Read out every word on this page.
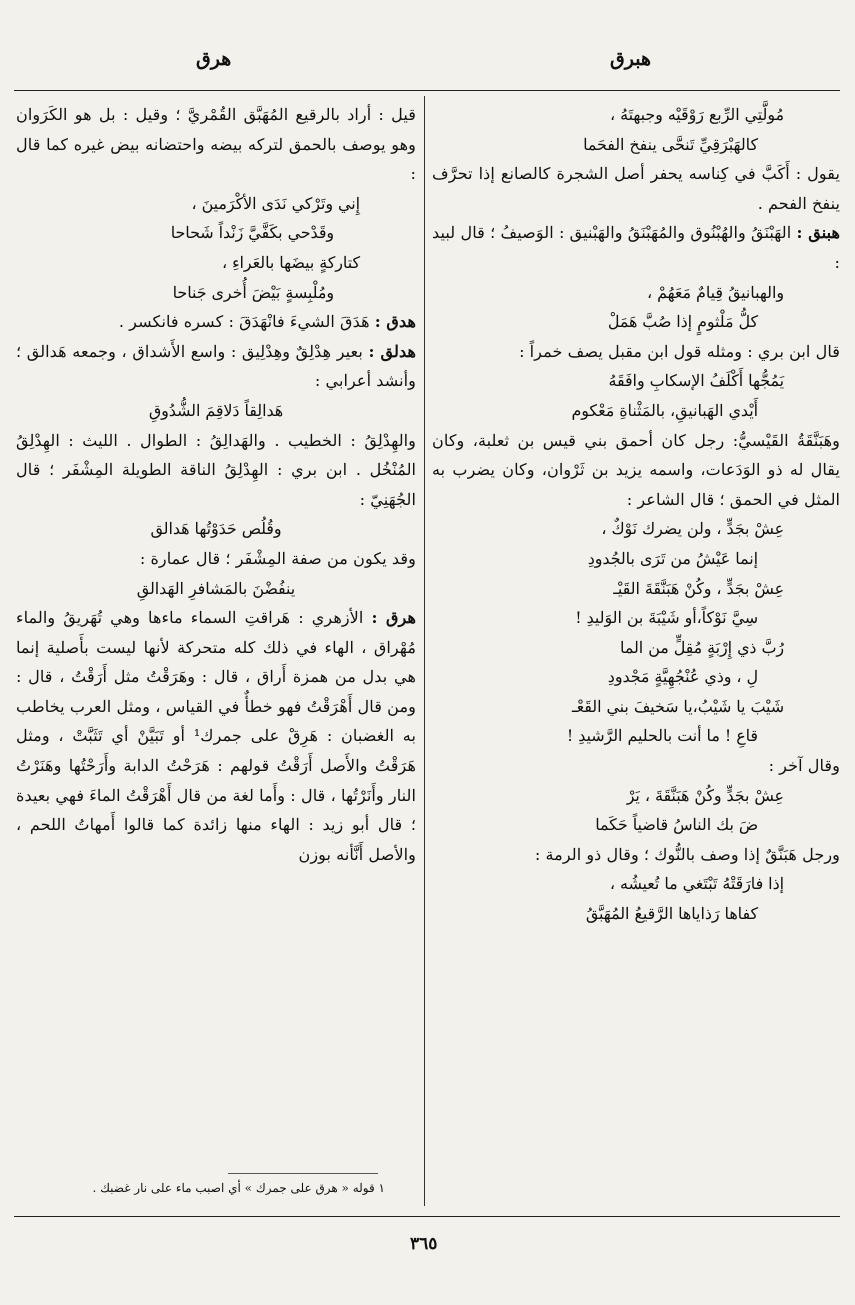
هبرق
هرق

مُولَّتِي الرِّبع رَوْقَيْه وجبهتَهُ ،

كالهَبْرَقِيِّ تَنحَّى ينفخ الفحَما

يقول : أَكَبَّ في كِناسه يحفر أصل الشجرة كالصانع إذا تحرَّف ينفخ الفحم .

هبنق : الهَبْنَقُ والهُبْنُوق والمُهَبْنَقُ والهَبْنيق : الوَصيفُ ؛ قال لبيد :

والهبانيقُ قِيامٌ مَعَهُمْ ،

كلُّ مَلْثومٍ إذا صُبَّ هَمَلْ

قال ابن بري : ومثله قول ابن مقبل يصف خمراً :

يَمُجُّها أَكْلَفُ الإسكابِ وافَقَهُ

أَيْدي الهَبانيقِ، بالمَثْناةِ مَعْكوم

وهَبَنَّقَةُ القَيْسيُّ: رجل كان أحمق بني قيس بن ثعلبة، وكان يقال له ذو الوَدَعات، واسمه يزيد بن ثَرْوان، وكان يضرب به المثل في الحمق ؛ قال الشاعر :

عِشْ بجَدٍّ ، ولن يضرك نَوْكٌ ،

إنما عَيْشُ من تَرَى بالجُدودِ

عِشْ بجَدٍّ ، وكُنْ هَبَنَّقَةَ القَيْـ

سِيَّ نَوْكاً،أو شَيْبَةَ بن الوَليدِ !

رُبَّ ذي إِرْبَةٍ مُقِلٍّ من الما

لِ ، وذي عُنْجُهِيَّةٍ مَجْدودِ

شَيْبَ يا شَيْبُ،يا سَخيفَ بني القَعْـ

قاعِ ! ما أنت بالحليم الرَّشيدِ !

وقال آخر :

عِشْ بجَدٍّ وكُنْ هَبَنَّقَةَ ، يَرْ

ضَ بك الناسُ قاضياً حَكَما

ورجل هَبَنَّقٌ إذا وصف بالنُّوك ؛ وقال ذو الرمة :

إذا فارَقَتْهُ تَبْتَغي ما تُعيشُه ،

كفاها رَذاياها الرَّقيعُ المُهَبَّقُ

قيل : أراد بالرقيع المُهَبَّق القُمْريَّ ؛ وقيل : بل هو الكَرَوان وهو يوصف بالحمق لتركه بيضه واحتضانه بيض غيره كما قال :

إِني وتَرْكي نَدَى الأكْرَمينَ ،

وقَدْحي بكَفَّيَّ زَنْداً شَحاحا

كتاركةٍ بيضَها بالعَراءِ ،

ومُلْبِسةٍ بَيْضَ أُخرى جَناحا

هدق : هَدَقَ الشيءَ فانْهَدَقَ : كسره فانكسر .

هدلق : بعير هِدْلِقٌ وهِدْلِيق : واسع الأَشداق ، وجمعه هَدالق ؛ وأنشد أعرابي :

هَدالِقاً دَلاقِمَ الشُّدُوقِ

والهِدْلِقُ : الخطيب . والهَدالِقُ : الطوال . الليث : الهِدْلِقُ المُنْخُل . ابن بري : الهِدْلِقُ الناقة الطويلة المِشْفَر ؛ قال الجُهَنِيّ :

وقُلُص حَدَوْتُها هَدالق

وقد يكون من صفة المِشْفَر ؛ قال عمارة :

ينفُضْنَ بالمَشافرِ الهَدالقِ

هرق : الأزهري : هَراقتِ السماء ماءها وهي تُهَريقُ والماء مُهْراق ، الهاء في ذلك كله متحركة لأنها ليست بأَصلية إنما هي بدل من همزة أَراق ، قال : وهَرَقْتُ مثل أَرَقْتُ ، قال : ومن قال أَهْرَقْتُ فهو خطأٌ في القياس ، ومثل العرب يخاطب به الغضبان : هَرِقْ على جمرك¹ أو تَبَيَّنْ أي تَثَبَّتْ ، ومثل هَرَقْتُ والأَصل أَرَقْتُ قولهم : هَرَحْتُ الدابة وأَرَحْتُها وهَنَرْتُ النار وأَنَرْتُها ، قال : وأَما لغة من قال أَهْرَقْتُ الماءَ فهي بعيدة ؛ قال أبو زيد : الهاء منها زائدة كما قالوا أَمهاتُ اللحم ، والأصل أَنَّأنه بوزن

١ قوله « هرق على جمرك » أي اصبب ماء على نار غضبك .
٣٦٥
